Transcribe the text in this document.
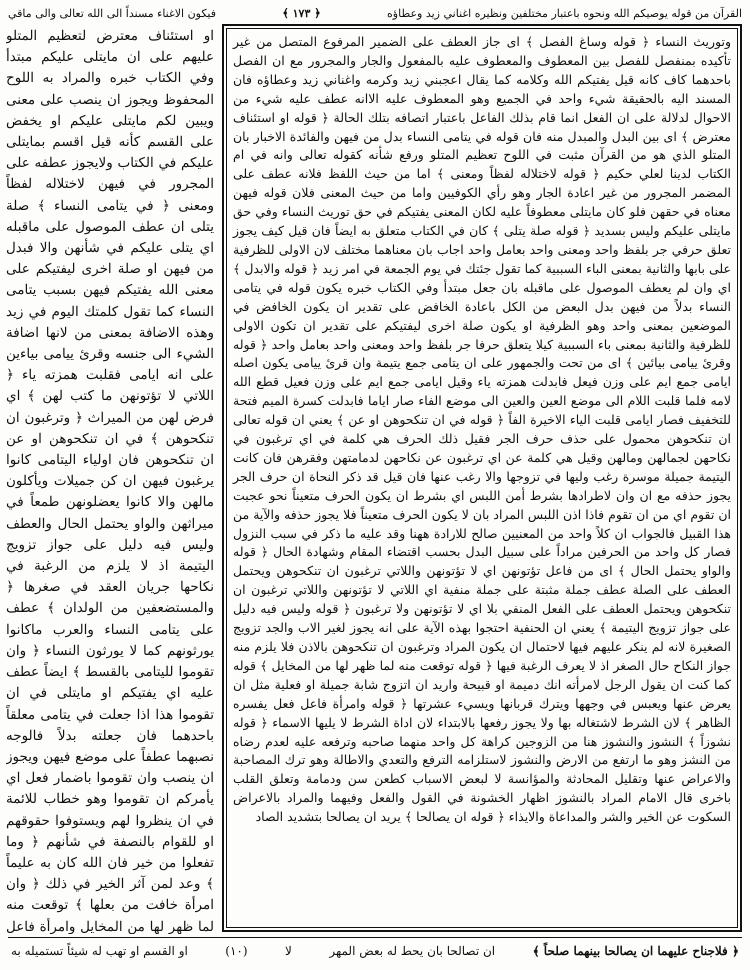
القرآن من قوله يوصيكم الله ونحوه باعتبار مختلفين ونظيره اغناني زيد وعطاؤه
﴿ ١٧٣ ﴾
فيكون الاغناء مسنداً الى الله تعالى والى ماقي
وتوريث النساء ﴿ قوله وساغ الفصل ﴾ اى جاز العطف على الضمير المرفوع المتصل من غير تأكيده بمنفصل للفصل بين المعطوف والمعطوف عليه بالمفعول والجار والمجرور مع ان الفصل باحدهما كاف كانه قيل يفتيكم الله وكلامه كما يقال اعجبني زيد وكرمه واغناني زيد وعطاؤه فان المسند اليه بالحقيقة شيء واحد في الجميع وهو المعطوف عليه الاانه عطف عليه شيء من الاحوال لدلالة على ان الفعل انما قام بذلك الفاعل باعتبار اتصافه بتلك الحالة ﴿ قوله او استئناف معترض ﴾ اى بين البدل والمبدل منه فان قوله في يتامى النساء بدل من فيهن والفائدة الاخبار بان المتلو الذي هو من القرآن مثبت في اللوح تعظيم المتلو ورفع شأنه كقوله تعالى وانه في ام الكتاب لدينا لعلي حكيم ﴿ قوله لاختلاله لفظاً ومعنى ﴾ اما من حيث اللفظ فلانه عطف على المضمر المجرور من غير اعادة الجار وهو رأي الكوفيين واما من حيث المعنى فلان قوله فيهن معناه في حقهن فلو كان مايتلى معطوفاً عليه لكان المعنى يفتيكم في حق توريث النساء وفي حق مايتلى عليكم وليس بسديد ﴿ قوله صلة يتلى ﴾ كان في الكتاب متعلق به ايضاً فان قيل كيف يجوز تعلق حرفي جر بلفظ واحد ومعنى واحد بعامل واحد اجاب بان معناهما مختلف لان الاولى للظرفية على بابها والثانية بمعنى الباء السببية كما تقول جئتك في يوم الجمعة في امر زيد ﴿ قوله والابدل ﴾ اي وان لم يعطف الموصول على ماقبله بان جعل مبتدأ وفي الكتاب خبره يكون قوله في يتامى النساء بدلاً من فيهن بدل البعض من الكل باعادة الخافض على تقدير ان يكون الخافض في الموضعين بمعنى واحد وهو الظرفية او يكون صلة اخرى ليفتيكم على تقدير ان تكون الاولى للظرفية والثانية بمعنى باء السببية كيلا يتعلق حرفا جر بلفظ واحد ومعنى واحد بعامل واحد ﴿ قوله وقرئ ييامى بيائين ﴾ اى من تحت والجمهور على ان يتامى جمع يتيمة وان قرئ ييامى يكون اصله ايامى جمع ايم على وزن فيعل فابدلت همزته ياء وقيل ايامى جمع ايم على وزن فعيل قطع الله لامه فلما قلبت اللام الى موضع العين والعين الى موضع الفاء صار اياما فابدلت كسرة الميم فتحة للتخفيف فصار ايامى قلبت الياء الاخيرة الفاً ﴿ قوله في ان تنكحوهن او عن ﴾ يعني ان قوله تعالى ان تنكحوهن محمول على حذف حرف الجر فقيل ذلك الحرف هي كلمة في اي ترغبون في نكاحهن لجمالهن ومالهن وقيل هي كلمة عن اي ترغبون عن نكاحهن لدمامتهن وفقرهن فان كانت اليتيمة جميلة موسرة رغب وليها في تزوجها والا رغب عنها فان قيل قد ذكر النحاة ان حرف الجر يجوز حذفه مع ان وان لاطرادها بشرط أمن اللبس اي بشرط ان يكون الحرف متعيناً نحو عجبت ان تقوم اي من ان تقوم فاذا اذن اللبس المراد بان لا يكون الحرف متعيناً فلا يجوز حذفه والآية من هذا القبيل فالجواب ان كلاً واحد من المعنيين صالح للارادة ههنا وقد عليه ما ذكر في سبب النزول فصار كل واحد من الحرفين مراداً على سبيل البدل بحسب اقتضاء المقام وشهادة الحال ﴿ قوله والواو يحتمل الحال ﴾ اى من فاعل تؤتونهن اي لا تؤتونهن واللاتي ترغبون ان تنكحوهن ويحتمل العطف على الصلة عطف جملة مثبتة على جملة منفية اي اللاتي لا تؤتونهن واللاتي ترغبون ان تنكحوهن ويحتمل العطف على الفعل المنفي بلا اي لا تؤتونهن ولا ترغبون ﴿ قوله وليس فيه دليل على جواز تزويج اليتيمة ﴾ يعني ان الحنفية احتجوا بهذه الآية على انه يجوز لغير الاب والجد تزويج الصغيرة لانه لم ينكر عليهم فيها لاحتمال ان يكون المراد وترغبون ان تنكحوهن بالاذن فلا يلزم منه جواز النكاح حال الصغر اذ لا يعرف الرغبة فيها ﴿ قوله توقعت منه لما ظهر لها من المخايل ﴾ قوله كما كنت ان يقول الرجل لامرأته انك دميمة او قبيحة واريد ان اتزوج شابة جميلة او فعلية مثل ان يعرض عنها ويعبس في وجهها ويترك قربانها ويسيء عشرتها ﴿ قوله وامرأة فاعل فعل يفسره الظاهر ﴾ لان الشرط لاشتغاله بها ولا يجوز رفعها بالابتداء لان اداة الشرط لا يليها الاسماء ﴿ قوله نشوزاً ﴾ النشوز والنشوز هنا من الزوجين كراهة كل واحد منهما صاحبه وترفعه عليه لعدم رضاه من النشز وهو ما ارتفع من الارض والنشوز لاستلزامه الترفع والتعدي والاطالة وهو ترك المصاحبة والاعراض عنها وتقليل المحادثة والمؤانسة لا لبعض الاسباب كطعن سن ودمامة وتعلق القلب باخرى قال الامام المراد بالنشوز اظهار الخشونة في القول والفعل وفيهما والمراد بالاعراض السكوت عن الخير والشر والمداعاة والايذاء ﴿ قوله ان يصالحا ﴾ يريد ان يصالحا بتشديد الصاد
او استئناف معترض لتعظيم المتلو عليهم على ان مايتلى عليكم مبتدأ وفي الكتاب خبره والمراد به اللوح المحفوظ ويجوز ان ينصب على معنى ويبين لكم مايتلى عليكم او يخفض على القسم كأنه قيل اقسم بمايتلى عليكم في الكتاب ولايجوز عطفه على المجرور في فيهن لاختلاله لفظاً ومعنى ﴿ في يتامى النساء ﴾ صلة يتلى ان عطف الموصول على ماقبله اي يتلى عليكم في شأنهن والا فبدل من فيهن او صلة اخرى ليفتيكم على معنى الله يفتيكم فيهن بسبب يتامى النساء كما تقول كلمتك اليوم في زيد وهذه الاضافة بمعنى من لانها اضافة الشيء الى جنسه وقرئ ييامى بياءين على انه ايامى فقلبت همزته ياء ﴿ اللاتي لا تؤتونهن ما كتب لهن ﴾ اي فرض لهن من الميراث ﴿ وترغبون ان تنكحوهن ﴾ في ان تنكحوهن او عن ان تنكحوهن فان اولياء اليتامى كانوا يرغبون فيهن ان كن جميلات ويأكلون مالهن والا كانوا يعضلونهن طمعاً في ميراثهن والواو يحتمل الحال والعطف وليس فيه دليل على جواز تزويج اليتيمة اذ لا يلزم من الرغبة في نكاحها جريان العقد في صغرها ﴿ والمستضعفين من الولدان ﴾ عطف على يتامى النساء والعرب ماكانوا يورثونهم كما لا يورثون النساء ﴿ وان تقوموا لليتامى بالقسط ﴾ ايضاً عطف عليه اي يفتيكم او مايتلى في ان تقوموا هذا اذا جعلت في يتامى معلقاً باحدهما فان جعلته بدلاً فالوجه نصبهما عطفاً على موضع فيهن ويجوز ان ينصب وان تقوموا باضمار فعل اي يأمركم ان تقوموا وهو خطاب للائمة في ان ينظروا لهم ويستوفوا حقوقهم او للقوام بالنصفة في شأنهم ﴿ وما تفعلوا من خير فان الله كان به عليماً ﴾ وعد لمن آثر الخير في ذلك ﴿ وان امرأة خافت من بعلها ﴾ توقعت منه لما ظهر لها من المخايل وامرأة فاعل
﴿ فلاجناح عليهما ان يصالحا بينهما صلحاً ﴾
ان تصالحا بان يحط له بعض المهر
لا
(١٠)
او القسم او تهب له شيئاً تستميله به
